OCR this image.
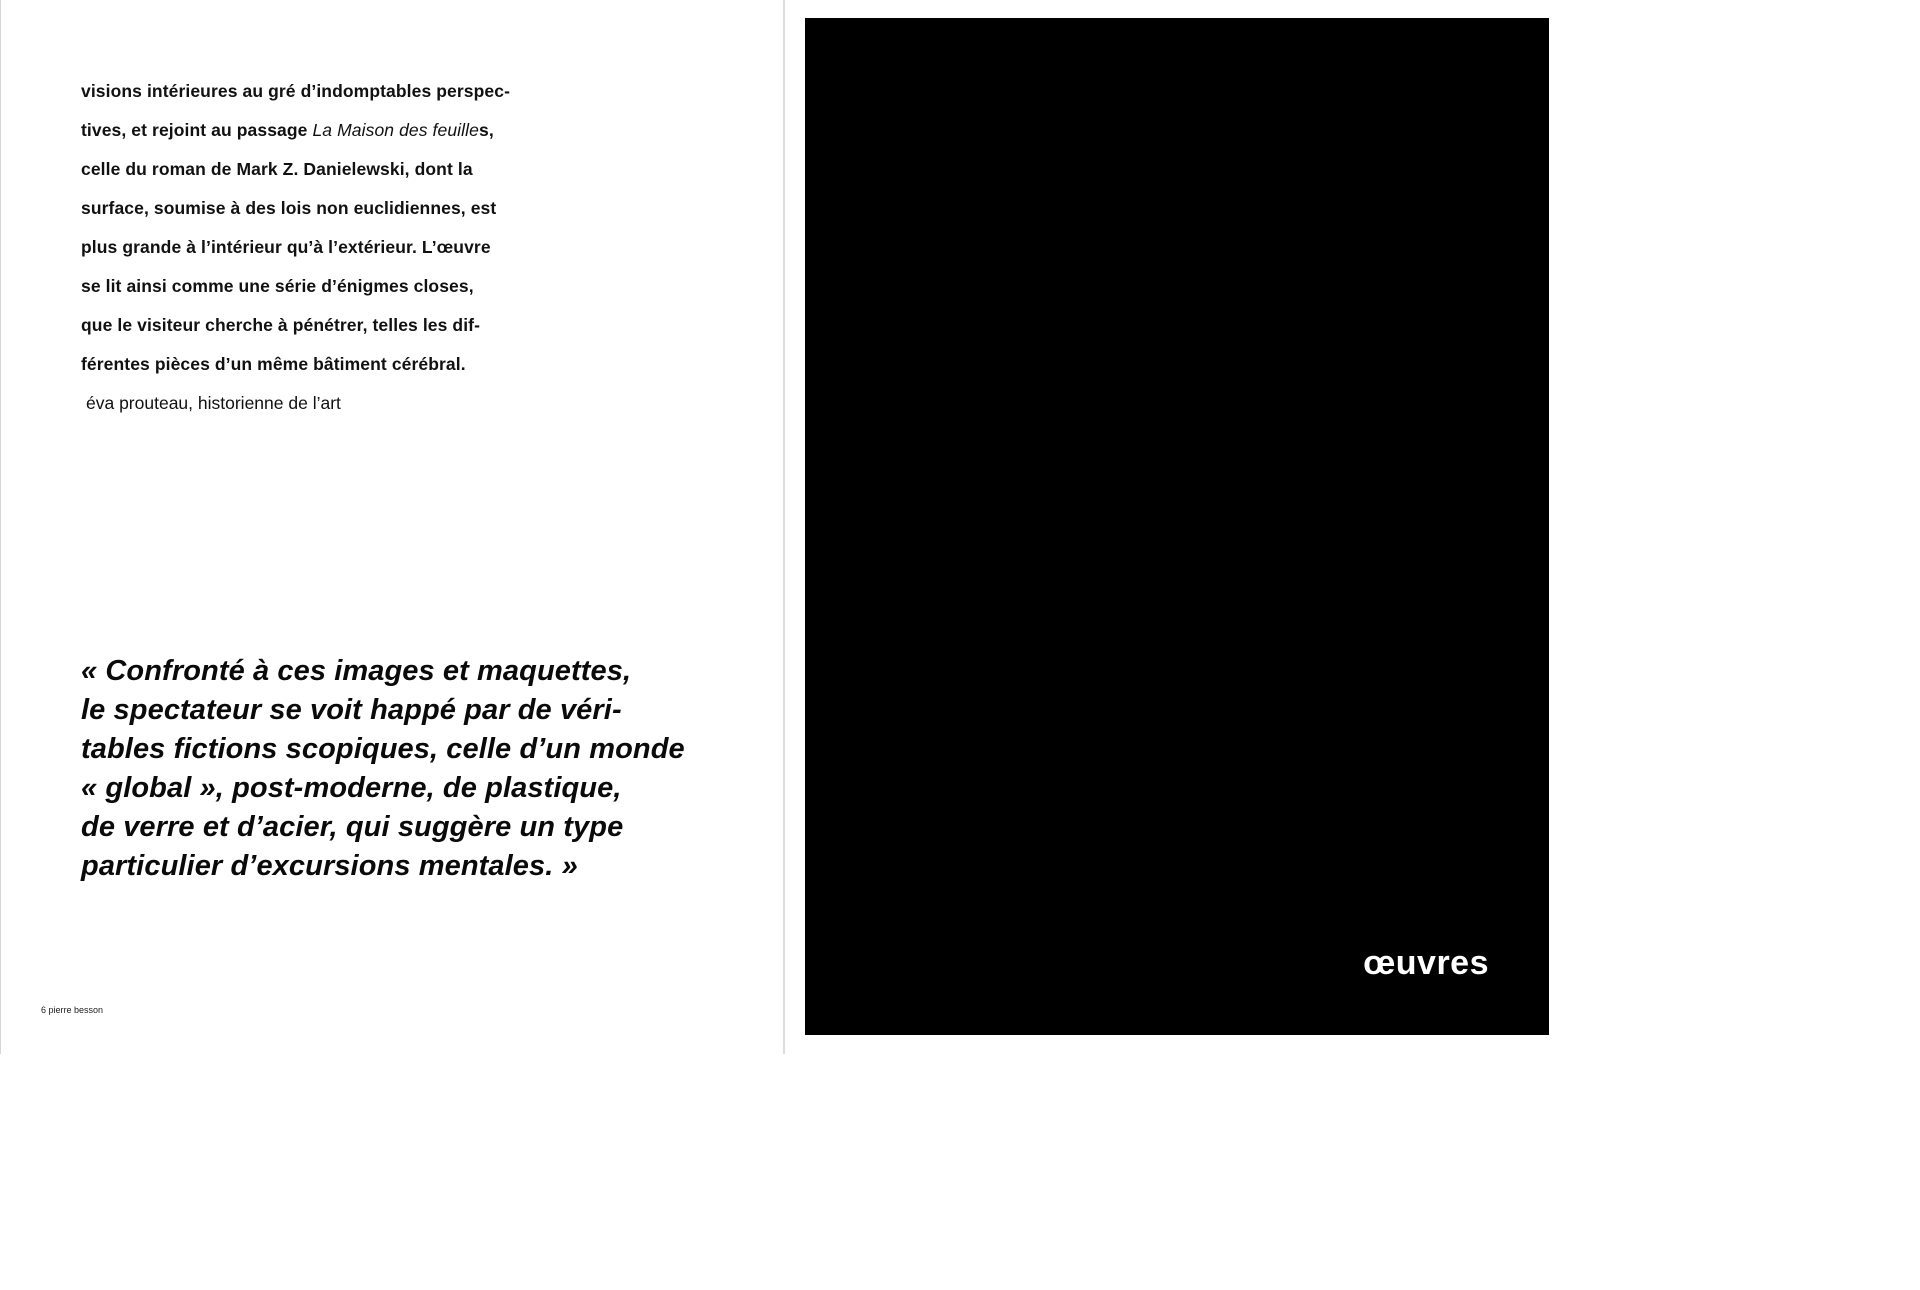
visions intérieures au gré d’indomptables perspec-
tives, et rejoint au passage La Maison des feuilles,
celle du roman de Mark Z. Danielewski, dont la
surface, soumise à des lois non euclidiennes, est
plus grande à l’intérieur qu’à l’extérieur. L’œuvre
se lit ainsi comme une série d’énigmes closes,
que le visiteur cherche à pénétrer, telles les dif-
férentes pièces d’un même bâtiment cérébral.
éva prouteau, historienne de l’art
« Confronté à ces images et maquettes,
le spectateur se voit happé par de véri-
tables fictions scopiques, celle d’un monde
« global », post-moderne, de plastique,
de verre et d’acier, qui suggère un type
particulier d’excursions mentales. »
6 pierre besson
œuvres
